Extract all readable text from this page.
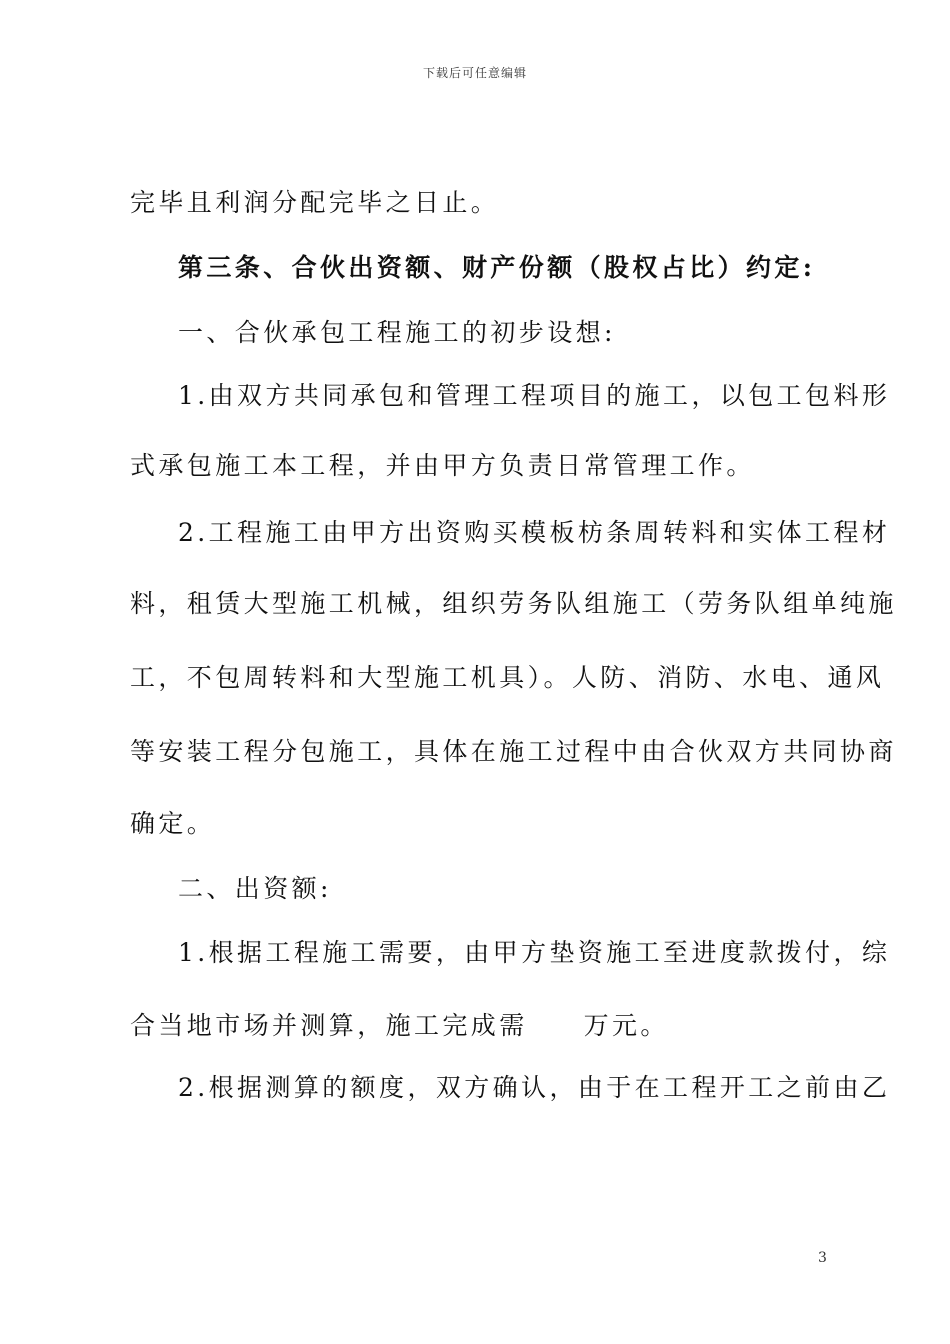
下载后可任意编辑
完毕且利润分配完毕之日止。
第三条、合伙出资额、财产份额（股权占比）约定:
一、合伙承包工程施工的初步设想:
1.由双方共同承包和管理工程项目的施工，以包工包料形
式承包施工本工程，并由甲方负责日常管理工作。
2.工程施工由甲方出资购买模板枋条周转料和实体工程材
料，租赁大型施工机械，组织劳务队组施工（劳务队组单纯施
工，不包周转料和大型施工机具）。人防、消防、水电、通风
等安装工程分包施工，具体在施工过程中由合伙双方共同协商
确定。
二、出资额:
1.根据工程施工需要，由甲方垫资施工至进度款拨付，综
合当地市场并测算，施工完成需 万元。
2.根据测算的额度，双方确认，由于在工程开工之前由乙
3
